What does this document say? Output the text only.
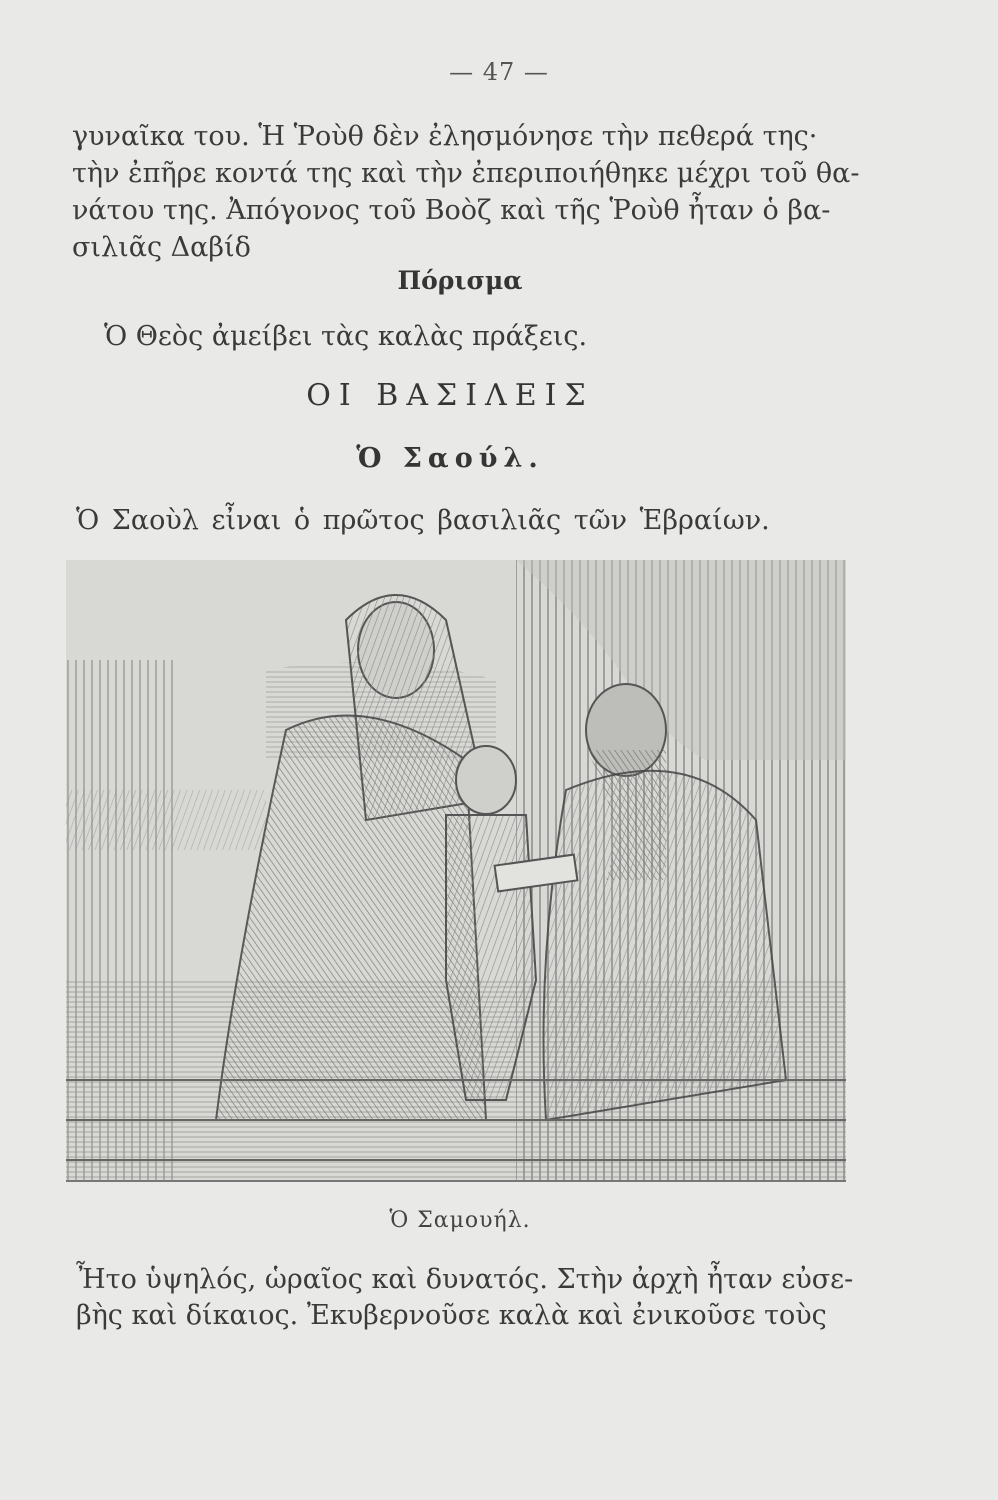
— 47 —
γυναῖκα του. Ἡ Ῥοὺθ δὲν ἐλησμόνησε τὴν πεθερά της·
τὴν ἐπῆρε κοντά της καὶ τὴν ἐπεριποιήθηκε μέχρι τοῦ θα-
νάτου της. Ἀπόγονος τοῦ Βοὸζ καὶ τῆς Ῥοὺθ ἦταν ὁ βα-
σιλιᾶς Δαβίδ
Πόρισμα
Ὁ Θεὸς ἀμείβει τὰς καλὰς πράξεις.
ΟΙ ΒΑΣΙΛΕΙΣ
Ὁ Σαούλ.
Ὁ Σαοὺλ εἶναι ὁ πρῶτος βασιλιᾶς τῶν Ἑβραίων.
Ὁ Σαμουήλ.
Ἦτο ὑψηλός, ὡραῖος καὶ δυνατός. Στὴν ἀρχὴ ἦταν εὐσε-
βὴς καὶ δίκαιος. Ἐκυβερνοῦσε καλὰ καὶ ἐνικοῦσε τοὺς
